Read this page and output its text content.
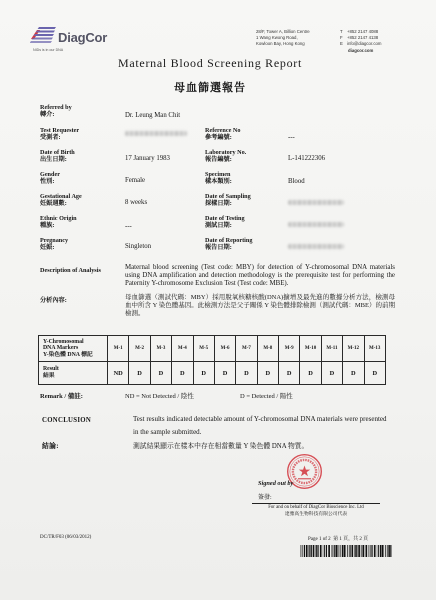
DiagCor
NIDs is in our DNA
28/F, Tower A, Billion Centre
1 Wang Kwong Road,
Kowloon Bay, Hong Kong
T +852 2147 4088
F +852 2147 4138
E info@diagcor.com
diagcor.com
Maternal Blood Screening Report
母血篩選報告
Referred by
轉介:	Dr. Leung Man Chit
Test Requester
受測者:
Reference No
參考編號:	---
Date of Birth
出生日期:	17 January 1983
Laboratory No.
報告編號:	L-141222306
Gender
性別:	Female
Specimen
樣本類別:	Blood
Gestational Age
妊娠週數:	8 weeks
Date of Sampling
採樣日期:
Ethnic Origin
種族:	---
Date of Testing
測試日期:
Pregnancy
妊娠:	Singleton
Date of Reporting
報告日期:
Description of Analysis	Maternal blood screening (Test code: MBY) for detection of Y-chromosomal DNA materials using DNA amplification and detection methodology is the prerequisite test for performing the Paternity Y-chromosome Exclusion Test (Test code: MBE).
分析內容:	母血篩選（測試代碼：MBY）採用脫氧核糖核酸(DNA)擴增及最先進的數據分析方法，檢測母血中所含 Y 染色體基因。此檢測方法是父子關係 Y 染色體排除檢測（測試代碼：MBE）的前期檢測。
Y-Chromosomal DNA Markers
Y-染色體 DNA 標記	M-1	M-2	M-3	M-4	M-5	M-6	M-7	M-8	M-9	M-10	M-11	M-12	M-13

Result
結果	ND	D	D	D	D	D	D	D	D	D	D	D	D
Remark / 備註:	ND = Not Detected / 陰性	D = Detected / 陽性
CONCLUSION	Test results indicated detectable amount of Y-chromosomal DNA materials were presented in the sample submitted.
結論:	測試結果顯示在樣本中存在相當數量 Y 染色體 DNA 物質。
Signed out by
簽發:
For and on behalf of DiagCor Bioscience Inc. Ltd
達雅高生物科技有限公司代表
DC/TR/F03 (06/03/2012)	Page 1 of 2 第 1 頁，共 2 頁
